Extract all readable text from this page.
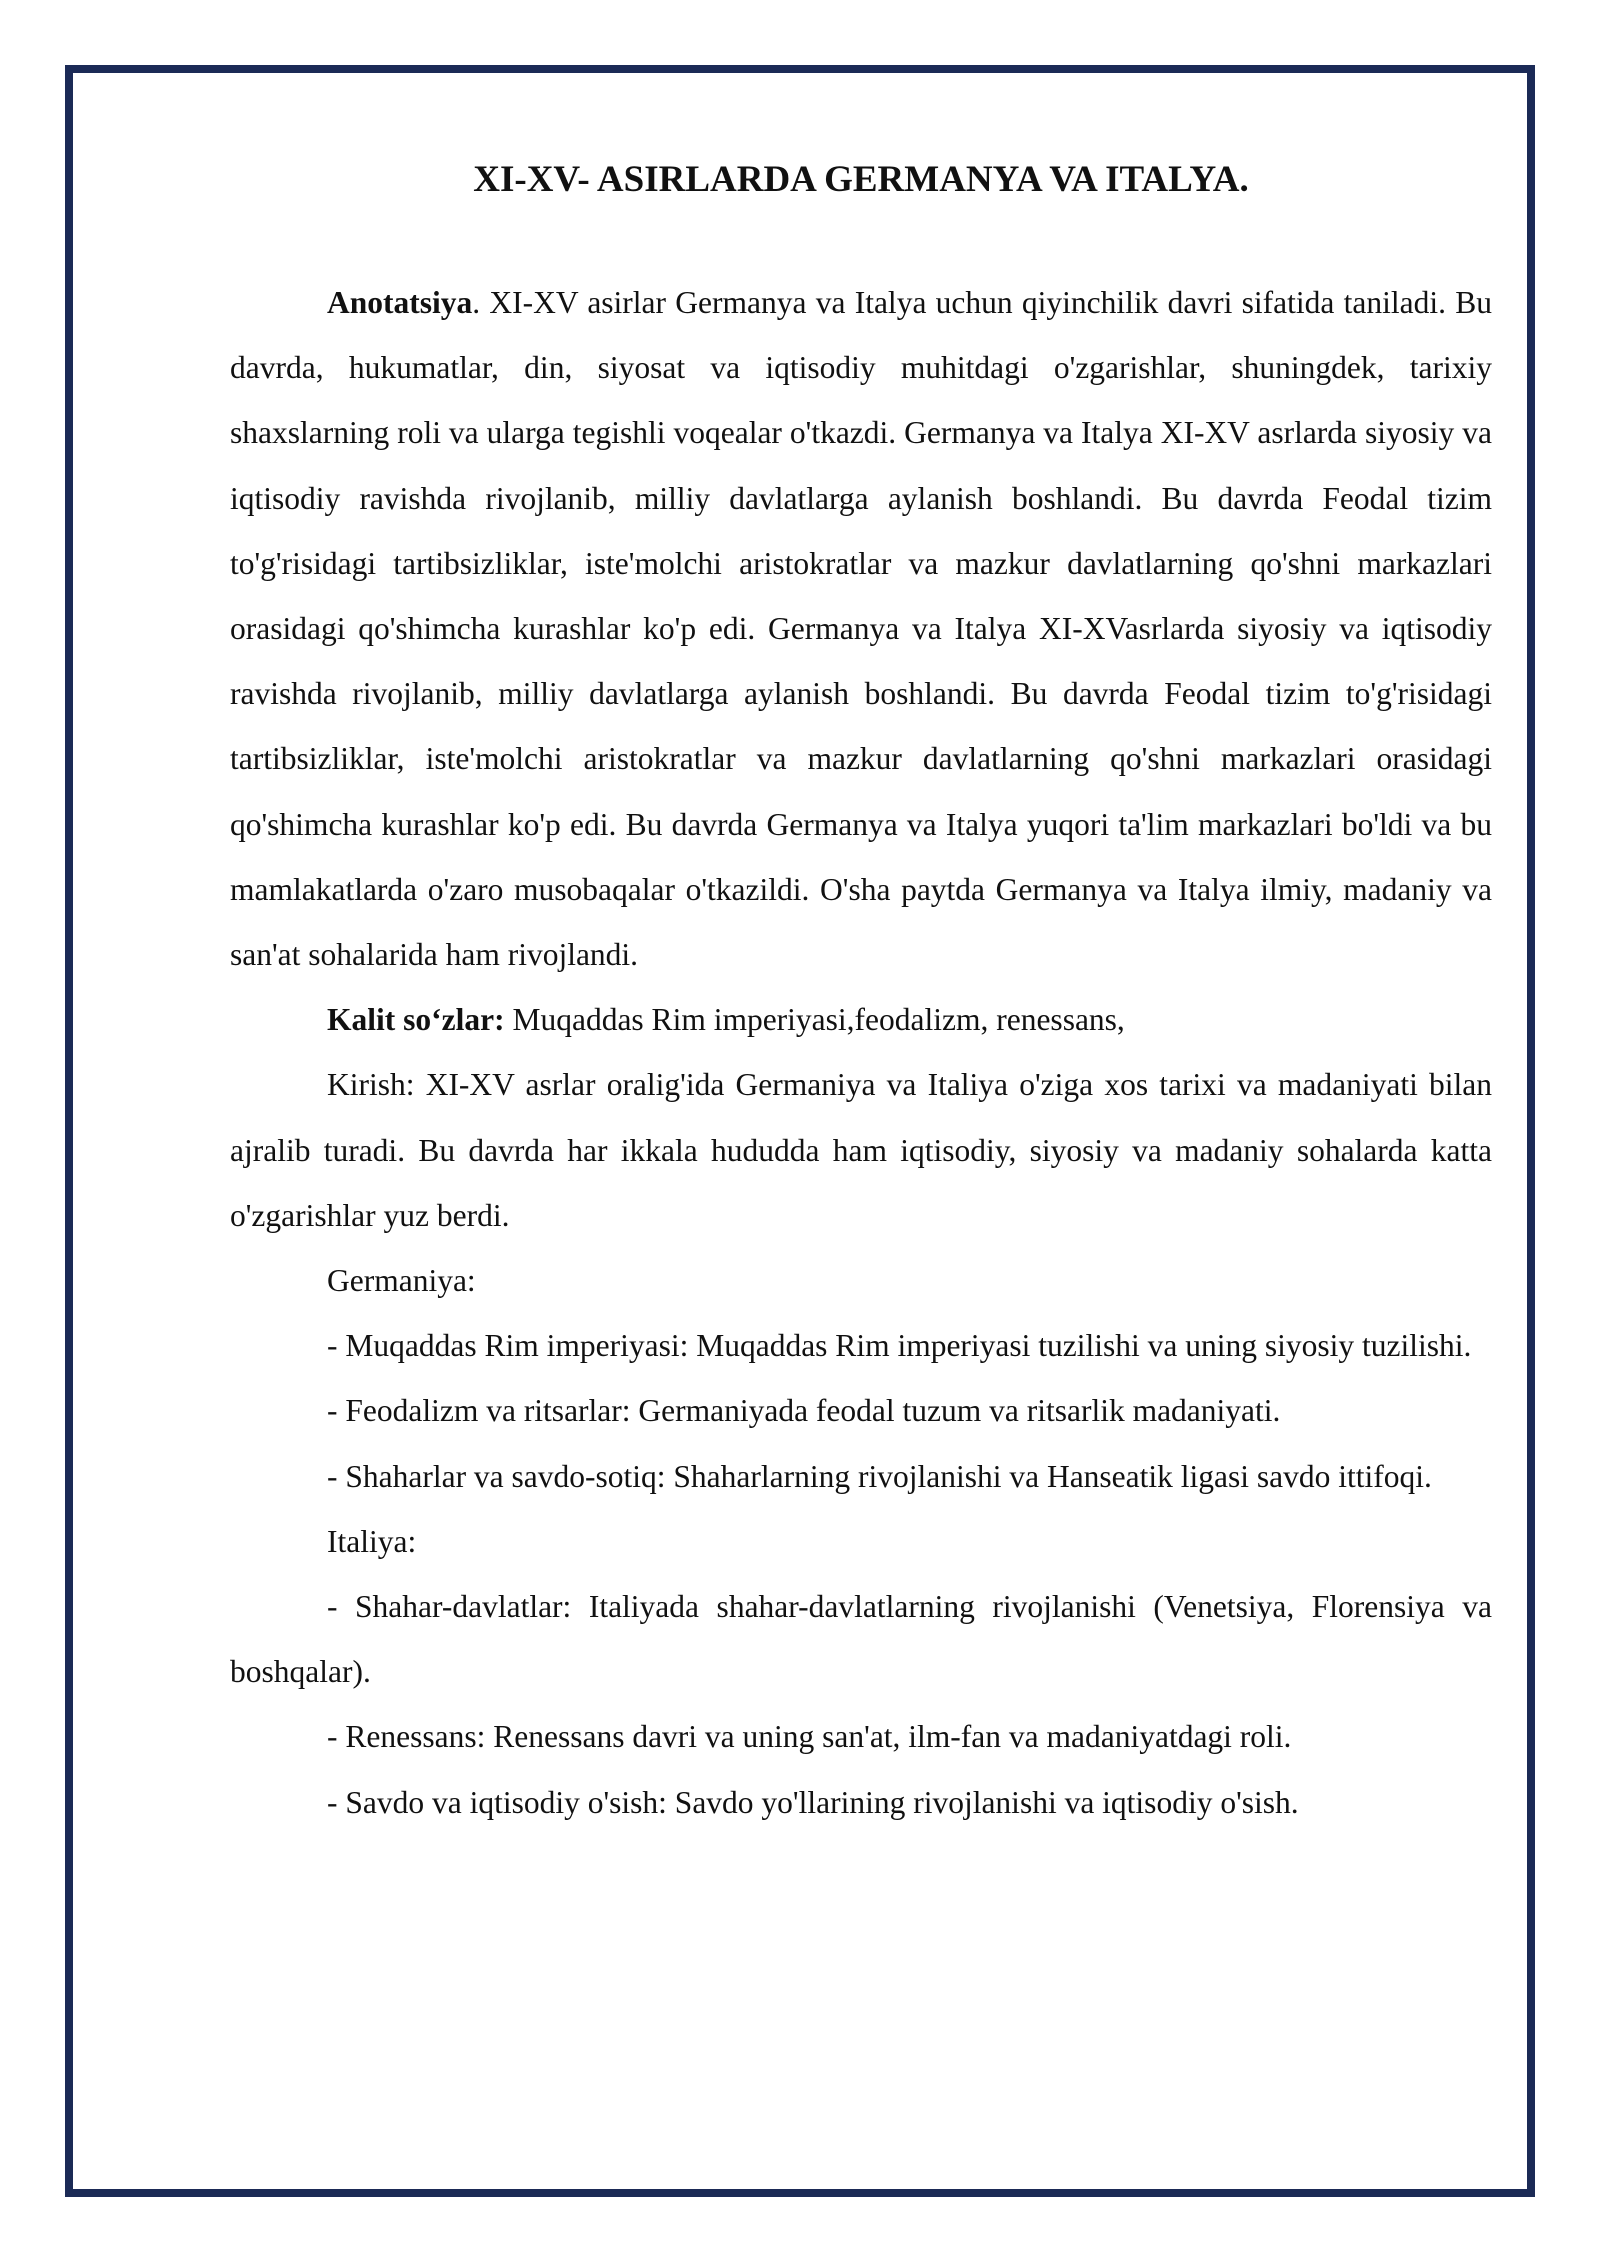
XI-XV- ASIRLARDA GERMANYA VA ITALYA.

Anotatsiya. XI-XV asirlar Germanya va Italya uchun qiyinchilik davri sifatida taniladi. Bu davrda, hukumatlar, din, siyosat va iqtisodiy muhitdagi o'zgarishlar, shuningdek, tarixiy shaxslarning roli va ularga tegishli voqealar o'tkazdi. Germanya va Italya XI-XV asrlarda siyosiy va iqtisodiy ravishda rivojlanib, milliy davlatlarga aylanish boshlandi. Bu davrda Feodal tizim to'g'risidagi tartibsizliklar, iste'molchi aristokratlar va mazkur davlatlarning qo'shni markazlari orasidagi qo'shimcha kurashlar ko'p edi. Germanya va Italya XI-XVasrlarda siyosiy va iqtisodiy ravishda rivojlanib, milliy davlatlarga aylanish boshlandi. Bu davrda Feodal tizim to'g'risidagi tartibsizliklar, iste'molchi aristokratlar va mazkur davlatlarning qo'shni markazlari orasidagi qo'shimcha kurashlar ko'p edi. Bu davrda Germanya va Italya yuqori ta'lim markazlari bo'ldi va bu mamlakatlarda o'zaro musobaqalar o'tkazildi. O'sha paytda Germanya va Italya ilmiy, madaniy va san'at sohalarida ham rivojlandi.

Kalit so‘zlar: Muqaddas Rim imperiyasi,feodalizm, renessans,

Kirish: XI-XV asrlar oralig'ida Germaniya va Italiya o'ziga xos tarixi va madaniyati bilan ajralib turadi. Bu davrda har ikkala hududda ham iqtisodiy, siyosiy va madaniy sohalarda katta o'zgarishlar yuz berdi.

Germaniya:

- Muqaddas Rim imperiyasi: Muqaddas Rim imperiyasi tuzilishi va uning siyosiy tuzilishi.

- Feodalizm va ritsarlar: Germaniyada feodal tuzum va ritsarlik madaniyati.

- Shaharlar va savdo-sotiq: Shaharlarning rivojlanishi va Hanseatik ligasi savdo ittifoqi.

Italiya:

- Shahar-davlatlar: Italiyada shahar-davlatlarning rivojlanishi (Venetsiya, Florensiya va boshqalar).

- Renessans: Renessans davri va uning san'at, ilm-fan va madaniyatdagi roli.

- Savdo va iqtisodiy o'sish: Savdo yo'llarining rivojlanishi va iqtisodiy o'sish.
